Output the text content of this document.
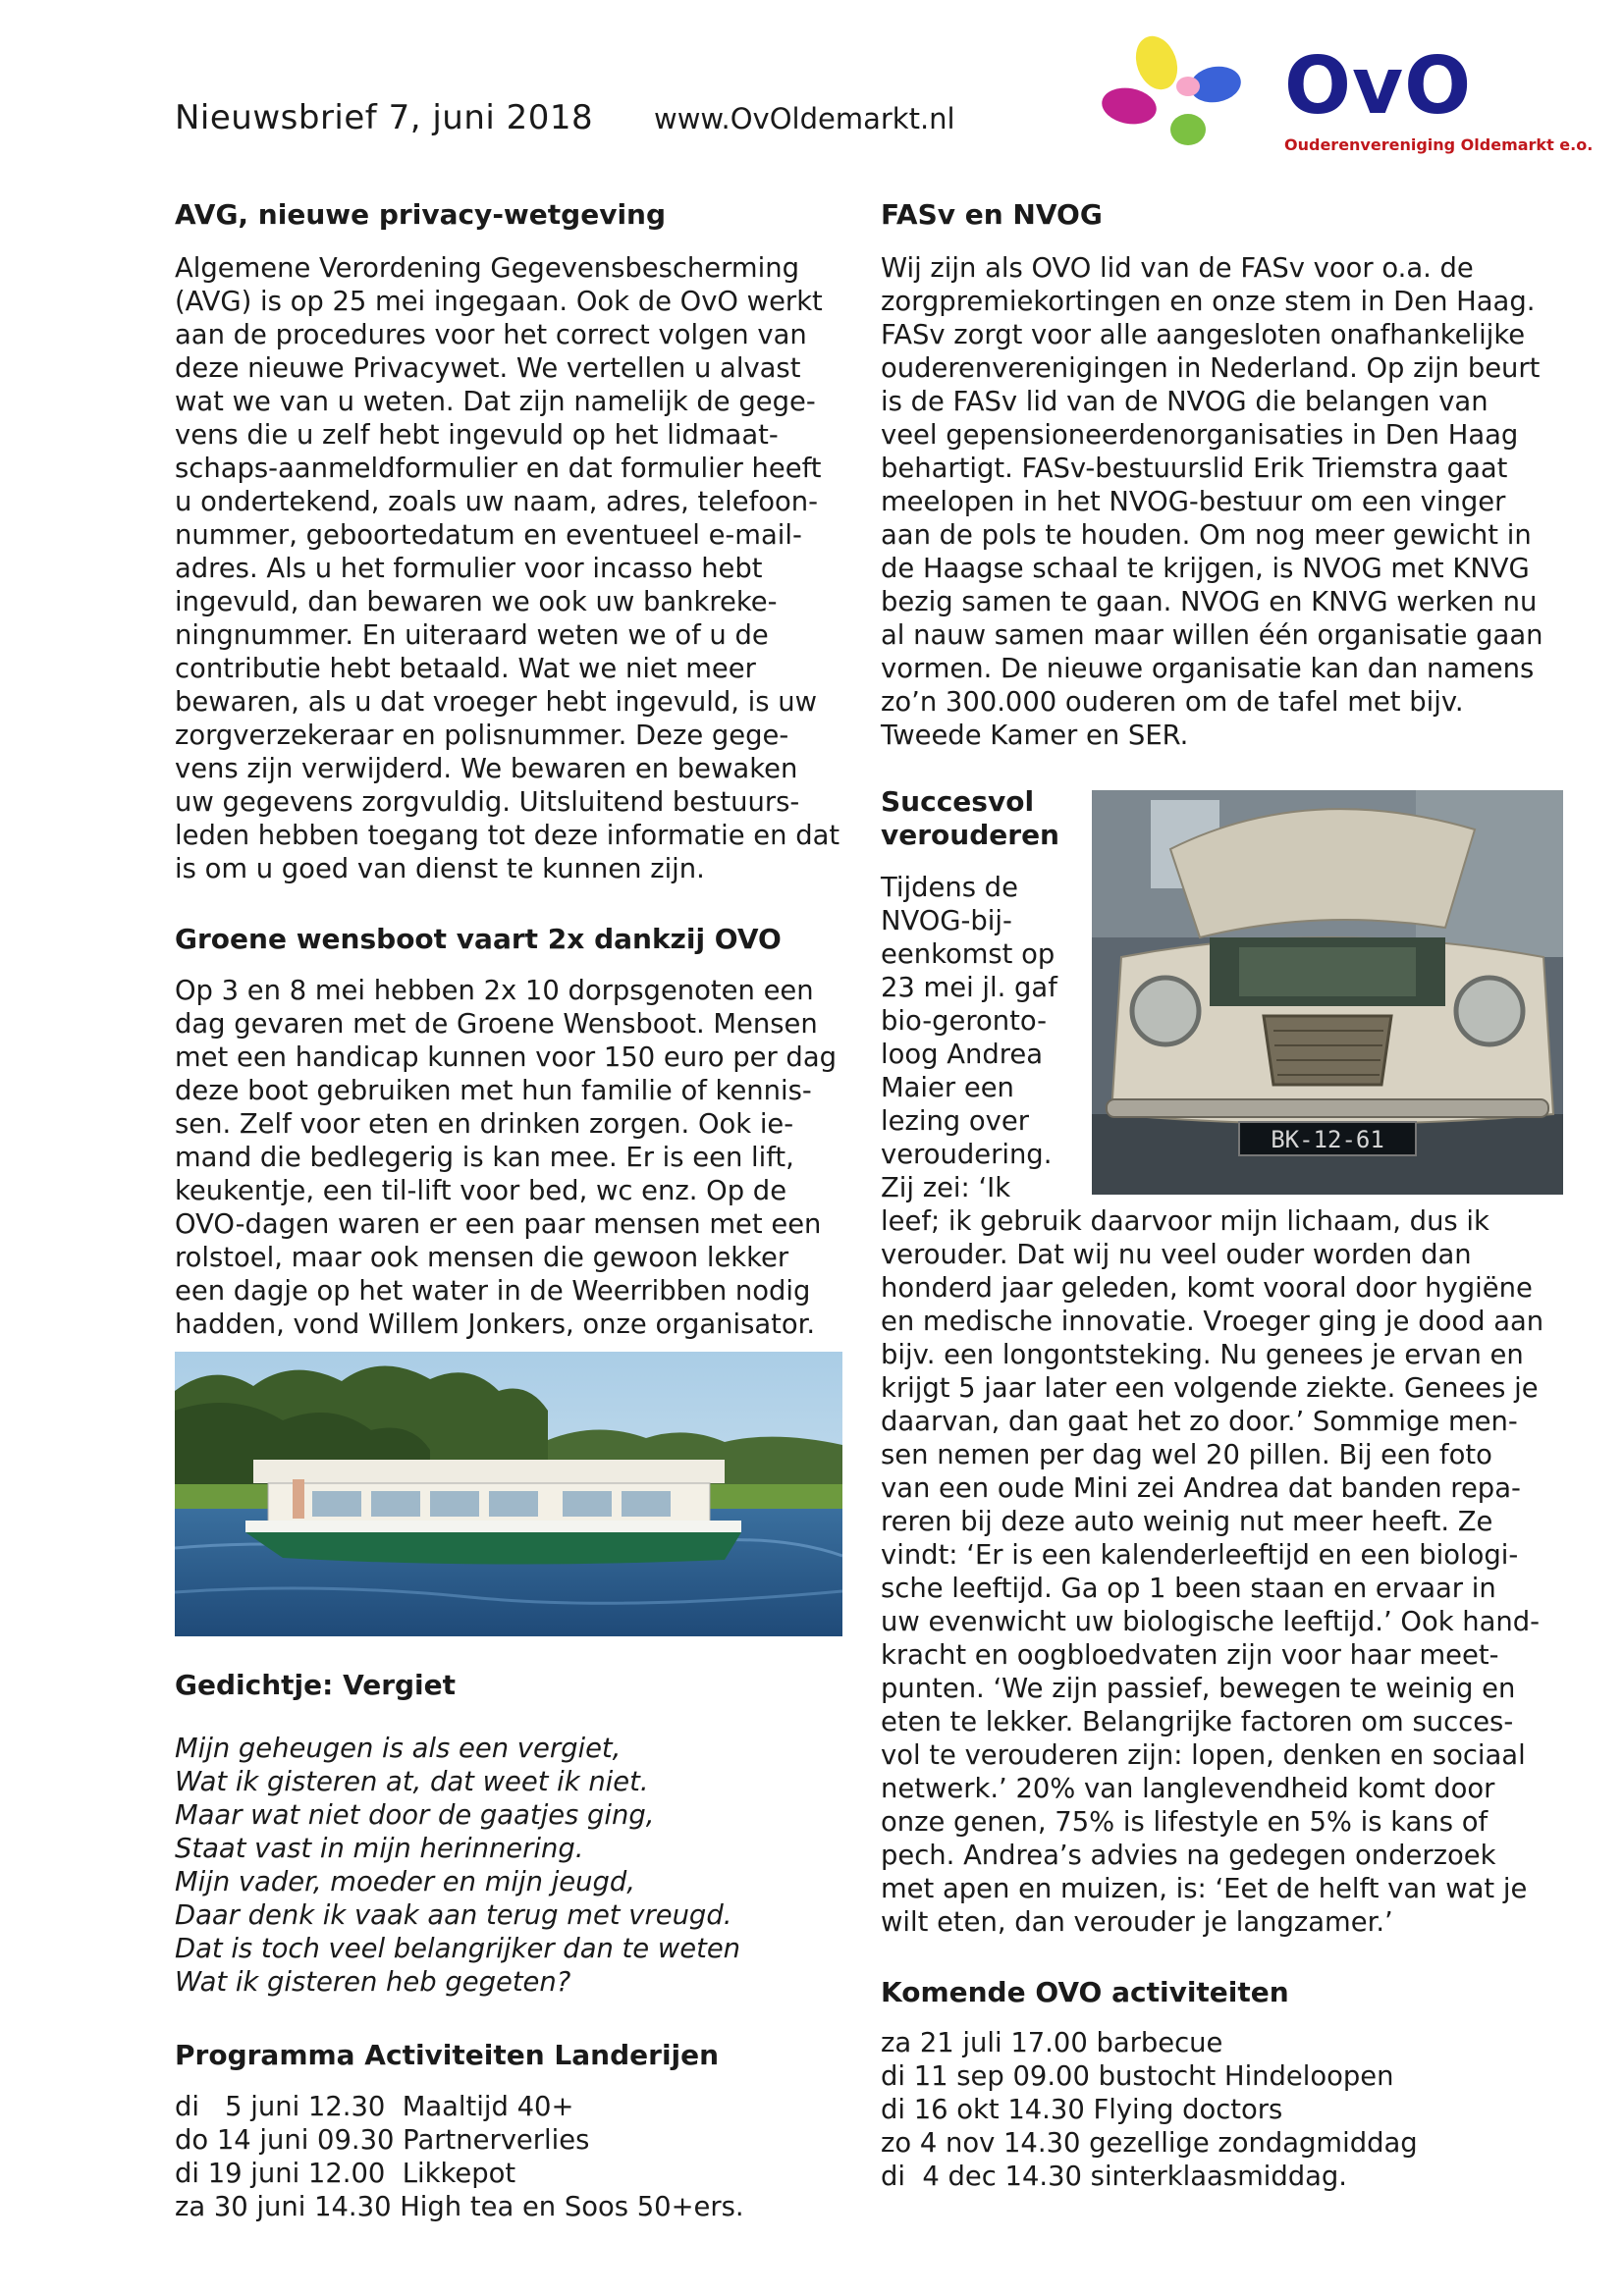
Nieuwsbrief 7, juni 2018 www.OvOldemarkt.nl	OvO
Ouderenvereniging Oldemarkt e.o.
AVG, nieuwe privacy-wetgeving
Algemene Verordening Gegevensbescherming
(AVG) is op 25 mei ingegaan. Ook de OvO werkt
aan de procedures voor het correct volgen van
deze nieuwe Privacywet. We vertellen u alvast
wat we van u weten. Dat zijn namelijk de gege-
vens die u zelf hebt ingevuld op het lidmaat-
schaps-aanmeldformulier en dat formulier heeft
u ondertekend, zoals uw naam, adres, telefoon-
nummer, geboortedatum en eventueel e-mail-
adres. Als u het formulier voor incasso hebt
ingevuld, dan bewaren we ook uw bankreke-
ningnummer. En uiteraard weten we of u de
contributie hebt betaald. Wat we niet meer
bewaren, als u dat vroeger hebt ingevuld, is uw
zorgverzekeraar en polisnummer. Deze gege-
vens zijn verwijderd. We bewaren en bewaken
uw gegevens zorgvuldig. Uitsluitend bestuurs-
leden hebben toegang tot deze informatie en dat
is om u goed van dienst te kunnen zijn.
Groene wensboot vaart 2x dankzij OVO
Op 3 en 8 mei hebben 2x 10 dorpsgenoten een
dag gevaren met de Groene Wensboot. Mensen
met een handicap kunnen voor 150 euro per dag
deze boot gebruiken met hun familie of kennis-
sen. Zelf voor eten en drinken zorgen. Ook ie-
mand die bedlegerig is kan mee. Er is een lift,
keukentje, een til-lift voor bed, wc enz. Op de
OVO-dagen waren er een paar mensen met een
rolstoel, maar ook mensen die gewoon lekker
een dagje op het water in de Weerribben nodig
hadden, vond Willem Jonkers, onze organisator.
Gedichtje: Vergiet
Mijn geheugen is als een vergiet,
Wat ik gisteren at, dat weet ik niet.
Maar wat niet door de gaatjes ging,
Staat vast in mijn herinnering.
Mijn vader, moeder en mijn jeugd,
Daar denk ik vaak aan terug met vreugd.
Dat is toch veel belangrijker dan te weten
Wat ik gisteren heb gegeten?
Programma Activiteiten Landerijen
di   5 juni 12.30  Maaltijd 40+
do 14 juni 09.30 Partnerverlies
di 19 juni 12.00  Likkepot
za 30 juni 14.30 High tea en Soos 50+ers.
FASv en NVOG
Wij zijn als OVO lid van de FASv voor o.a. de
zorgpremiekortingen en onze stem in Den Haag.
FASv zorgt voor alle aangesloten onafhankelijke
ouderenverenigingen in Nederland. Op zijn beurt
is de FASv lid van de NVOG die belangen van
veel gepensioneerdenorganisaties in Den Haag
behartigt. FASv-bestuurslid Erik Triemstra gaat
meelopen in het NVOG-bestuur om een vinger
aan de pols te houden. Om nog meer gewicht in
de Haagse schaal te krijgen, is NVOG met KNVG
bezig samen te gaan. NVOG en KNVG werken nu
al nauw samen maar willen één organisatie gaan
vormen. De nieuwe organisatie kan dan namens
zo’n 300.000 ouderen om de tafel met bijv.
Tweede Kamer en SER.
Succesvol
verouderen
Tijdens de
NVOG-bij-
eenkomst op
23 mei jl. gaf
bio-geronto-
loog Andrea
Maier een
lezing over
veroudering.
Zij zei: ‘Ik
BK-12-61
leef; ik gebruik daarvoor mijn lichaam, dus ik
verouder. Dat wij nu veel ouder worden dan
honderd jaar geleden, komt vooral door hygiëne
en medische innovatie. Vroeger ging je dood aan
bijv. een longontsteking. Nu genees je ervan en
krijgt 5 jaar later een volgende ziekte. Genees je
daarvan, dan gaat het zo door.’ Sommige men-
sen nemen per dag wel 20 pillen. Bij een foto
van een oude Mini zei Andrea dat banden repa-
reren bij deze auto weinig nut meer heeft. Ze
vindt: ‘Er is een kalenderleeftijd en een biologi-
sche leeftijd. Ga op 1 been staan en ervaar in
uw evenwicht uw biologische leeftijd.’ Ook hand-
kracht en oogbloedvaten zijn voor haar meet-
punten. ‘We zijn passief, bewegen te weinig en
eten te lekker. Belangrijke factoren om succes-
vol te verouderen zijn: lopen, denken en sociaal
netwerk.’ 20% van langlevendheid komt door
onze genen, 75% is lifestyle en 5% is kans of
pech. Andrea’s advies na gedegen onderzoek
met apen en muizen, is: ‘Eet de helft van wat je
wilt eten, dan verouder je langzamer.’
Komende OVO activiteiten
za 21 juli 17.00 barbecue
di 11 sep 09.00 bustocht Hindeloopen
di 16 okt 14.30 Flying doctors
zo 4 nov 14.30 gezellige zondagmiddag
di  4 dec 14.30 sinterklaasmiddag.
